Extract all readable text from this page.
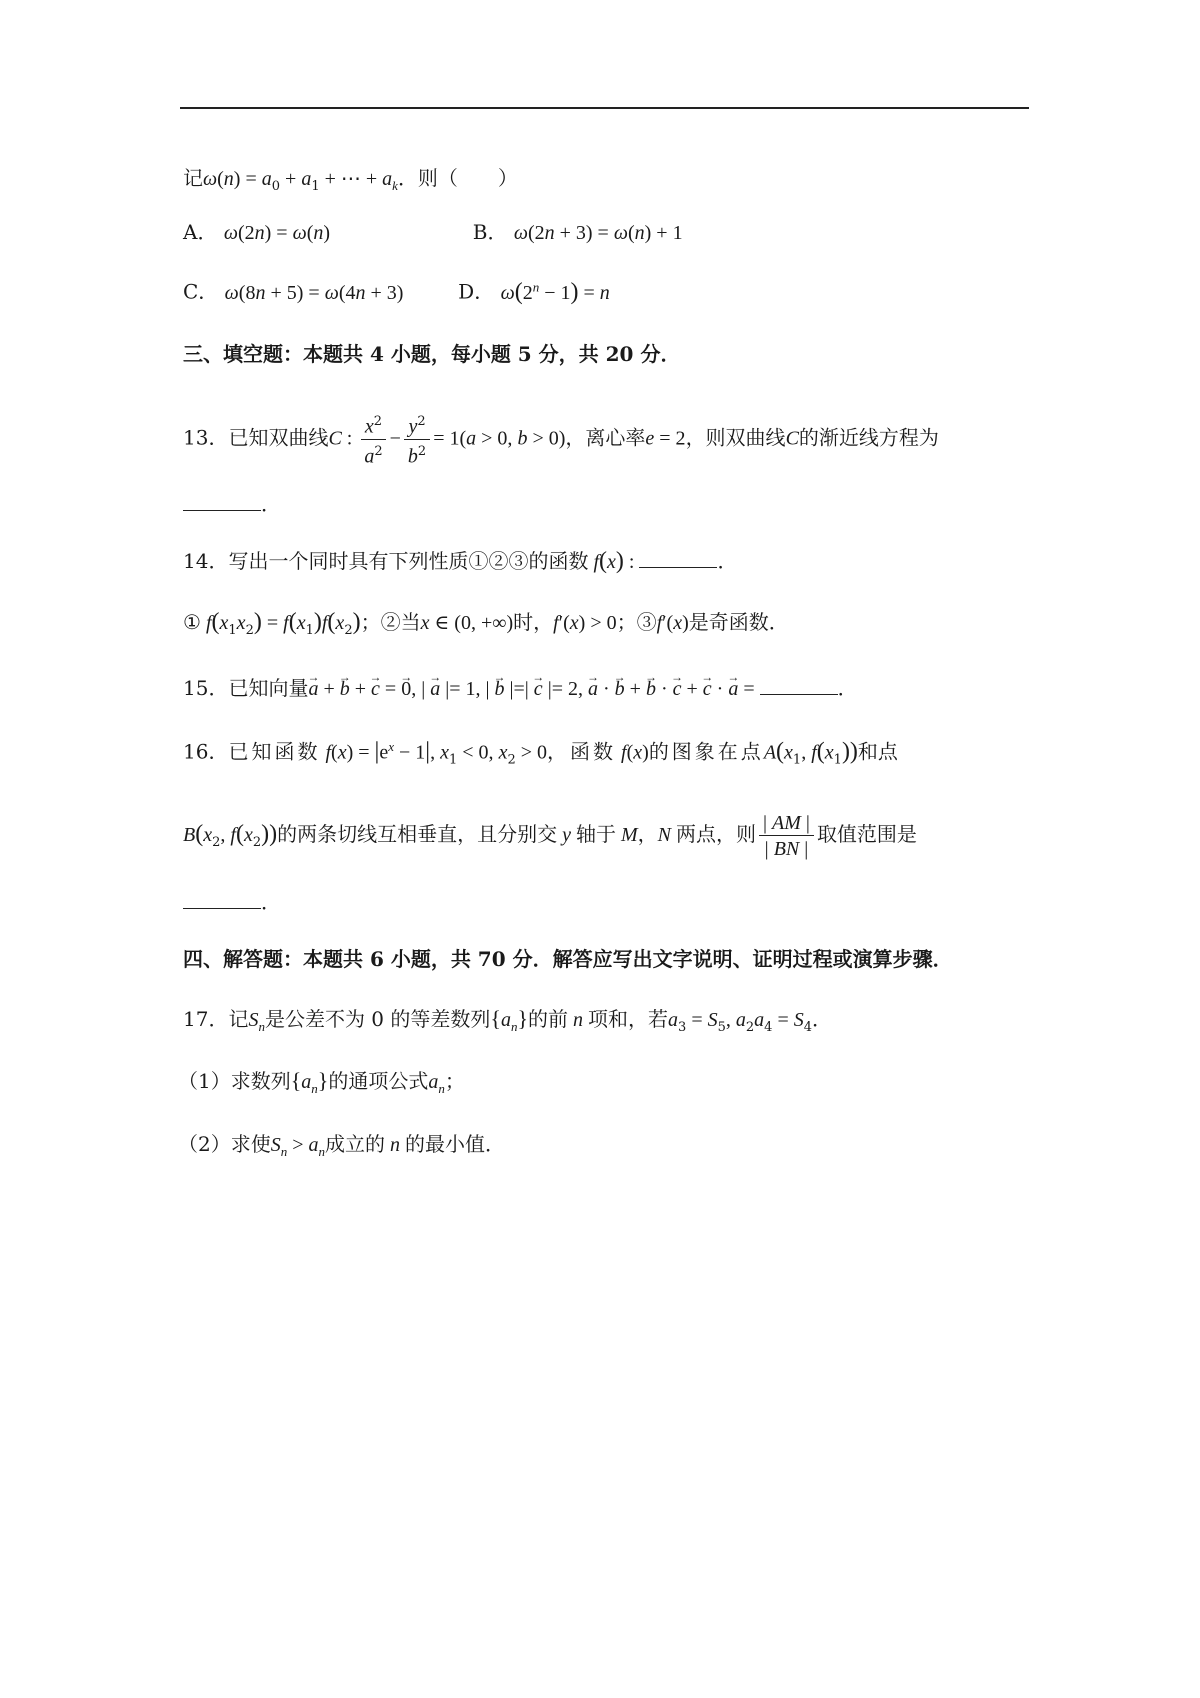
记$\omega(n) = a_0 + a_1$ + ⋯ + $a_k$．则（　　）
A． ω(2n) = ω(n)	B． ω(2n + 3) = ω(n) + 1
C． ω(8n + 5) = ω(4n + 3)	D． $\omega(2^n - 1) = n$
三、填空题：本题共 4 小题，每小题 5 分，共 20 分．
13．已知双曲线C : $\frac{x^2}{a^2} - \frac{y^2}{b^2} = 1(a > 0$, b > 0)，离心率e = 2，则双曲线C的渐近线方程为
．
14．写出一个同时具有下列性质①②③的函数 f(x) :	．
① $f(x_1x_2) = f(x_1)f(x_2)$；②当x ∈ (0, +∞)时，f′(x) > 0；③f′(x)是奇函数．
15．已知向量→ a + → b + → c = → 0, | → a |= 1, | → b |=| → c |= 2, → a · → b + → b · → c + → c · → a =	．
16．已知函数 $f(x) = |e^x - 1|$, $x_1 < 0$, $x_2 > 0$，函数 f(x)的图象在点$A(x_1$, $f(x_1)$)和点
$B(x_2$, $f(x_2)$)的两条切线互相垂直，且分别交 y 轴于 M，N 两点，则 $\frac{| AM |}{| BN |}$ 取值范围是
．
四、解答题：本题共 6 小题，共 70 分．解答应写出文字说明、证明过程或演算步骤．
17．记$S_n$是公差不为 0 的等差数列$\{a_n\}$的前 n 项和，若$a_3 = S_5$, $a_2a_4 = S_4$．
（1）求数列$\{a_n\}$的通项公式$a_n$；
（2）求使$S_n > a_n$成立的 n 的最小值．
